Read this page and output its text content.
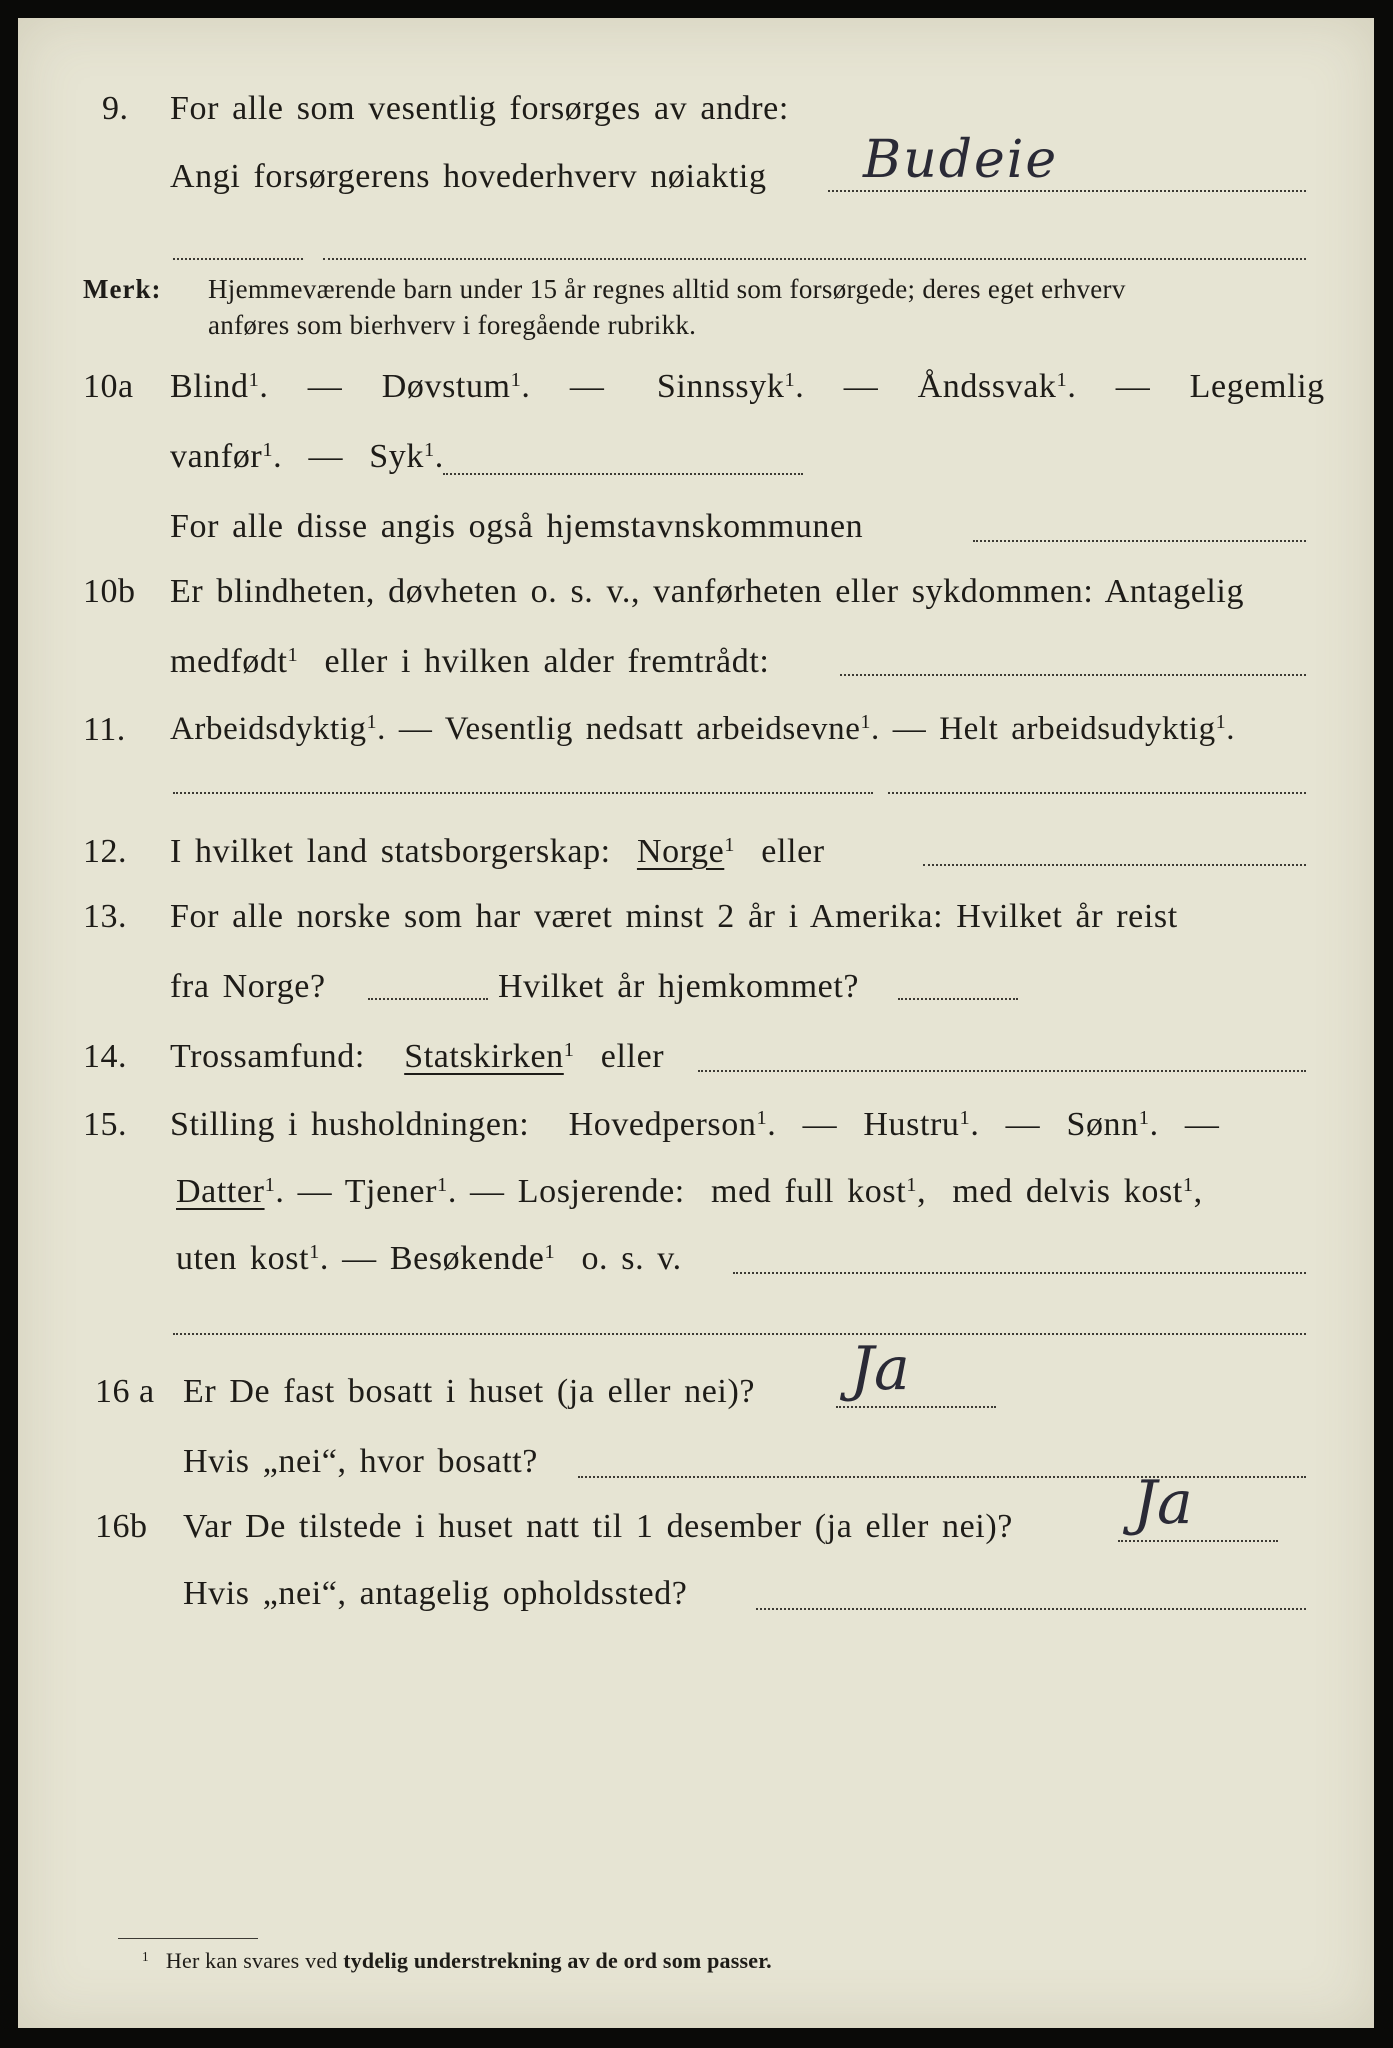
9. For alle som vesentlig forsørges av andre:
Angi forsørgerens hovederhverv nøiaktig Budeie
Merk: Hjemmeværende barn under 15 år regnes alltid som forsørgede; deres eget erhverv
anføres som bierhverv i foregående rubrikk.
10a Blind$^1$. — Døvstum$^1$. — Sinnssyk$^1$. — Åndssvak$^1$. — Legemlig
vanfør$^1$. — Syk$^1$.
For alle disse angis også hjemstavnskommunen
10b Er blindheten, døvheten o. s. v., vanførheten eller sykdommen: Antagelig
medfødt$^1$ eller i hvilken alder fremtrådt:
11. Arbeidsdyktig$^1$. — Vesentlig nedsatt arbeidsevne$^1$. — Helt arbeidsudyktig$^1$.
12. I hvilket land statsborgerskap: Norge$^1$ eller
13. For alle norske som har været minst 2 år i Amerika: Hvilket år reist
fra Norge?	Hvilket år hjemkommet?
14. Trossamfund: Statskirken$^1$ eller
15. Stilling i husholdningen: Hovedperson$^1$. — Hustru$^1$. — Sønn$^1$. —
Datter$^1$. — Tjener$^1$. — Losjerende: med full kost$^1$,  med delvis kost$^1$,
uten kost$^1$. — Besøkende$^1$ o. s. v.
16 a Er De fast bosatt i huset (ja eller nei)? Ja
Hvis „nei“, hvor bosatt?
16b Var De tilstede i huset natt til 1 desember (ja eller nei)? Ja
Hvis „nei“, antagelig opholdssted?
$^1$ Her kan svares ved tydelig understrekning av de ord som passer.
